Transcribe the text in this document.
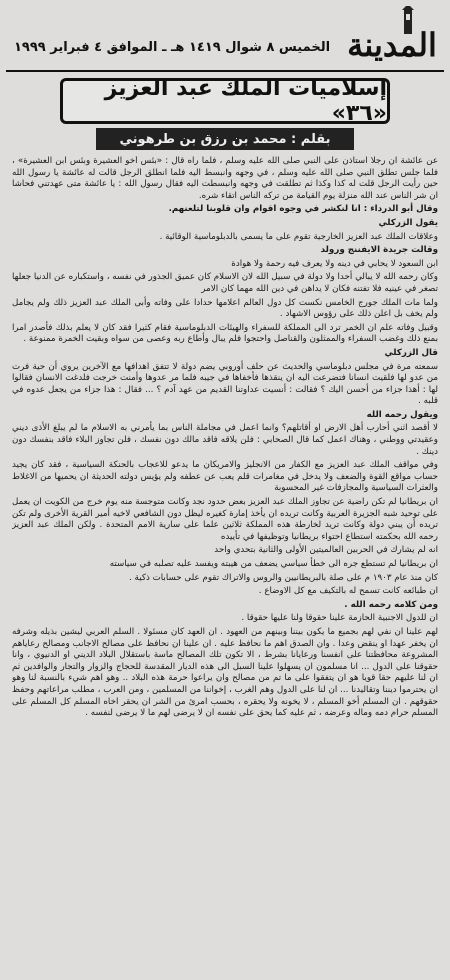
المدينة
الخميس ٨ شوال ١٤١٩ هـ ـ الموافق ٤ فبراير ١٩٩٩
إسلاميات الملك عبد العزيز «٣٦»
بقلم : محمد بن رزق بن طرهوني

عن عائشة ان رجلا استأذن على النبي صلى الله عليه وسلم ، فلما رآه قال : «بئس أخو العشيرة وبئس ابن العشيرة» ، فلما جلس تطلق النبي صلى الله عليه وسلم ، في وجهه وانبسط اليه فلما انطلق الرجل قالت له عائشة يا رسول الله حين رأيت الرجل قلت له كذا وكذا ثم تطلقت في وجهه وانبسطت اليه فقال رسول الله : يا عائشة متى عهدتني فحاشا ان شر الناس عند الله منزلة يوم القيامة من تركه الناس اتقاء شره.

وقال أبو الدرداء : انا لنكشر في وجوه اقوام وان قلوبنا لتلعنهم.

يقول الزركلي

وعلاقات الملك عبد العزيز الخارجية تقوم على ما يسمى بالدبلوماسية الوقائية .

وقالت جريدة الايفننج ورولد

ابن السعود لا يحابي في دينه ولا يعرف فيه رحمة ولا هوادة

وكان رحمه الله لا يبالي أحدا ولا دولة في سبيل الله لان الاسلام كان عميق الجذور في نفسه ، واستكباره عن الدنيا جعلها تصغر في عينيه فلا تفتنه فكان لا يداهن في دين الله مهما كان الامر

ولما مات الملك جورج الخامس نكست كل دول العالم اعلامها حدادا على وفاته وأبى الملك عبد العزيز ذلك ولم يجامل ولم يخف بل اعلن ذلك على رؤوس الاشهاد .

وقبيل وفاته علم ان الخمر ترد الى المملكة للسفراء والهيئات الدبلوماسية فقام كثيرا فقد كان لا يعلم بذلك فأصدر امرا بمنع ذلك وغضب السفراء والممثلون والقناصل واحتجوا فلم يبال وأطاع ربه وعصى من سواه وبقيت الخمرة ممنوعة .

قال الزركلي

سمعته مرة في مجلس دبلوماسي والحديث عن حلف أوروبي يضم دولة لا تتفق اهدافها مع الآخرين يروي أن حية فرت من عدو لها فلقيت انسانا فتضرعت اليه ان ينقذها فأخفاها في جيبه فلما مر عدوها وأمنت خرجت فلدغت الانسان فقالوا لها : أهذا جزاء من أحسن اليك ؟ فقالت : أنسيت عداوتنا القديم من عهد آدم ؟ ... فقال : هذا جزاء من يجعل عدوه في قلبه .

ويقول رحمه الله

لا أقصد اثني أحارب أهل الارض او أقاتلهم؟ وانما اعمل في مجاملة الناس بما يأمرني به الاسلام ما لم يبلغ الأذى ديني وعقيدتي ووطني ، وهناك اعمل كما قال الصحابي : فلن يلاقه فاقد مالك دون نفسك ، فلن تجاوز البلاء فاقد بنفسك دون دينك .

وفي مواقف الملك عبد العزيز مع الكفار من الانجليز والامريكان ما يدعو للاعجاب بالحنكة السياسية ، فقد كان يجيد حساب مواقع القوة والضعف ولا يدخل في مغامرات قلم يعب عن عطفه ولم يؤيس دولته الحديثة ان يحميها من الاغلاط والعثرات السياسية والمجازفات غير المحسوبة

ان بريطانيا لم تكن راضية عن تجاوز الملك عبد العزيز بعض حدود نجد وكانت متوجسة منه يوم خرج من الكويت ان يعمل على توحيد شبه الجزيرة العربية وكانت تريده ان يأخذ إمارة كغيره ليظل دون الشافعي لاخيه أمير القرية الأخرى ولم تكن تريده أن يبني دولة وكانت تريد لخارطة هذه المملكة ثلاثين علما على سارية الامم المتحدة . ولكن الملك عبد العزيز رحمه الله بحكمته استطاع احتواء بريطانيا وتوظيفها في تأييده

انه لم يشارك في الحربين العالميتين الأولى والثانية بتحدي واحد

ان بريطانيا لم تستطع جره الى خطأ سياسي يضعف من هيبته ويفسد عليه تصلبه في سياسته

كان منذ عام ١٩٠٣ م على صلة بالبريطانيين والروس والاتراك تقوم على حسابات ذكية .

ان طبائعه كانت تسمح له بالتكيف مع كل الاوضاع .

ومن كلامه رحمه الله .

ان للدول الاجنبية الحازمة علينا حقوقا ولنا عليها حقوقا .

لهم علينا ان نفي لهم بجميع ما يكون بيننا وبينهم من العهود . ان العهد كان مسئولا . السلم العربي ليشين بذيله وشرفه ان يخفر عهدا او ينقض وعدا . وان الصدق اهم ما نحافظ عليه . ان علينا ان نحافظ على مصالح الاجانب ومصالح رعاياهم المشروعة محافظتنا على انفسنا ورعايانا بشرط ، الا تكون تلك المصالح ماسة باستقلال البلاد الديني او الدنيوي ، وانا حقوقنا على الدول ... انا مسلمون ان يسهلوا علينا السبل الى هذه الديار المقدسة للحجاج والزوار والتجار والوافدين ثم ان لنا عليهم حقا قويا هو ان يتفقوا على ما تم من مصالح وان يراعوا حرمة هذه البلاد .. وهو اهم شيء بالنسبة لنا وهو ان يحترموا ديننا وتقاليدنا ... ان لنا على الدول وهم الغرب ، إخواننا من المسلمين ، ومن العرب ، مطلب مراعاتهم وحفظ حقوقهم . ان المسلم أخو المسلم ، لا يخونه ولا يحقره ، بحسب امرئ من الشر ان يحقر اخاه المسلم كل المسلم على المسلم حرام دمه وماله وعرضه ، ثم عليه كما يحق على نفسه ان لا يرضى لهم ما لا يرضى لنفسه .
